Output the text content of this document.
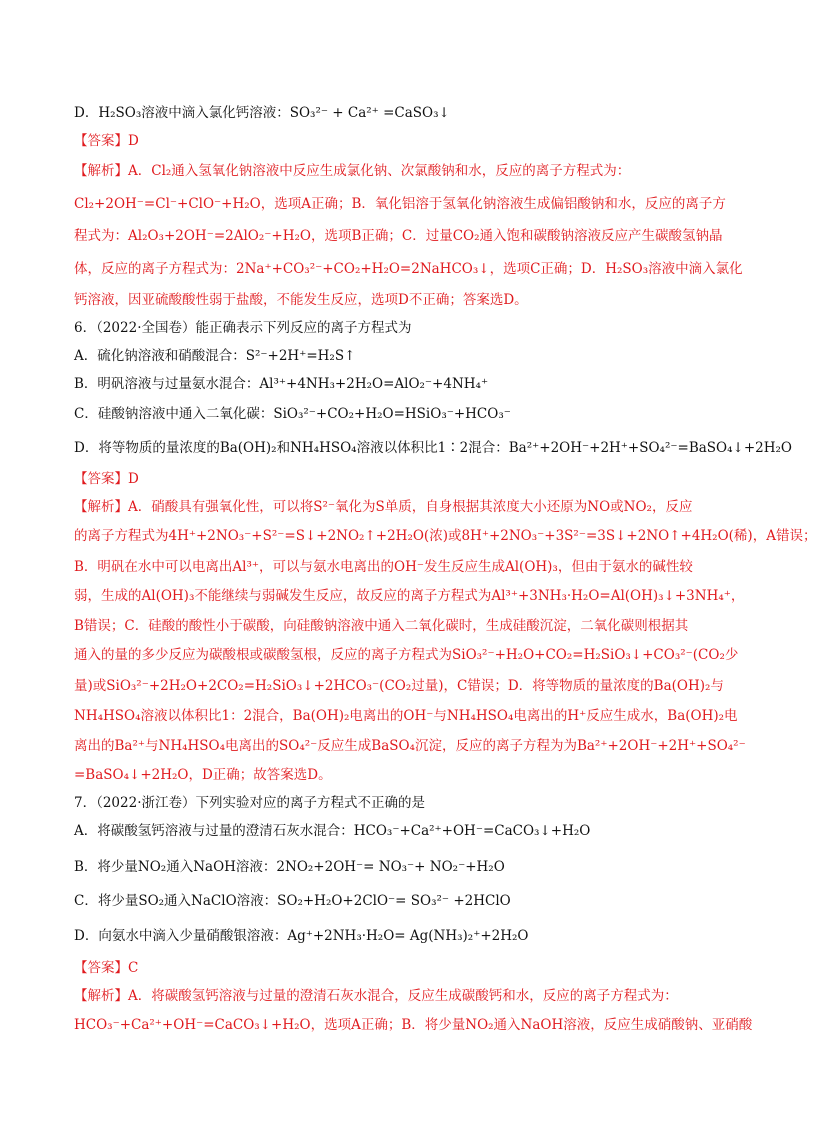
D．H₂SO₃溶液中滴入氯化钙溶液：SO₃²⁻ + Ca²⁺ =CaSO₃↓
【答案】D
【解析】A．Cl₂通入氢氧化钠溶液中反应生成氯化钠、次氯酸钠和水，反应的离子方程式为：
Cl₂+2OH⁻=Cl⁻+ClO⁻+H₂O，选项A正确；B．氧化铝溶于氢氧化钠溶液生成偏铝酸钠和水，反应的离子方
程式为：Al₂O₃+2OH⁻=2AlO₂⁻+H₂O，选项B正确；C．过量CO₂通入饱和碳酸钠溶液反应产生碳酸氢钠晶
体，反应的离子方程式为：2Na⁺+CO₃²⁻+CO₂+H₂O=2NaHCO₃↓，选项C正确；D．H₂SO₃溶液中滴入氯化
钙溶液，因亚硫酸酸性弱于盐酸，不能发生反应，选项D不正确；答案选D。
6．（2022·全国卷）能正确表示下列反应的离子方程式为
A．硫化钠溶液和硝酸混合：S²⁻+2H⁺=H₂S↑
B．明矾溶液与过量氨水混合：Al³⁺+4NH₃+2H₂O=AlO₂⁻+4NH₄⁺
C．硅酸钠溶液中通入二氧化碳：SiO₃²⁻+CO₂+H₂O=HSiO₃⁻+HCO₃⁻
D．将等物质的量浓度的Ba(OH)₂和NH₄HSO₄溶液以体积比1∶2混合：Ba²⁺+2OH⁻+2H⁺+SO₄²⁻=BaSO₄↓+2H₂O
【答案】D
【解析】A．硝酸具有强氧化性，可以将S²⁻氧化为S单质，自身根据其浓度大小还原为NO或NO₂，反应
的离子方程式为4H⁺+2NO₃⁻+S²⁻=S↓+2NO₂↑+2H₂O(浓)或8H⁺+2NO₃⁻+3S²⁻=3S↓+2NO↑+4H₂O(稀)，A错误；
B．明矾在水中可以电离出Al³⁺，可以与氨水电离出的OH⁻发生反应生成Al(OH)₃，但由于氨水的碱性较
弱，生成的Al(OH)₃不能继续与弱碱发生反应，故反应的离子方程式为Al³⁺+3NH₃·H₂O=Al(OH)₃↓+3NH₄⁺，
B错误；C．硅酸的酸性小于碳酸，向硅酸钠溶液中通入二氧化碳时，生成硅酸沉淀，二氧化碳则根据其
通入的量的多少反应为碳酸根或碳酸氢根，反应的离子方程式为SiO₃²⁻+H₂O+CO₂=H₂SiO₃↓+CO₃²⁻(CO₂少
量)或SiO₃²⁻+2H₂O+2CO₂=H₂SiO₃↓+2HCO₃⁻(CO₂过量)，C错误；D．将等物质的量浓度的Ba(OH)₂与
NH₄HSO₄溶液以体积比1：2混合，Ba(OH)₂电离出的OH⁻与NH₄HSO₄电离出的H⁺反应生成水，Ba(OH)₂电
离出的Ba²⁺与NH₄HSO₄电离出的SO₄²⁻反应生成BaSO₄沉淀，反应的离子方程为为Ba²⁺+2OH⁻+2H⁺+SO₄²⁻
=BaSO₄↓+2H₂O，D正确；故答案选D。
7．（2022·浙江卷）下列实验对应的离子方程式不正确的是
A．将碳酸氢钙溶液与过量的澄清石灰水混合：HCO₃⁻+Ca²⁺+OH⁻=CaCO₃↓+H₂O
B．将少量NO₂通入NaOH溶液：2NO₂+2OH⁻= NO₃⁻+ NO₂⁻+H₂O
C．将少量SO₂通入NaClO溶液：SO₂+H₂O+2ClO⁻= SO₃²⁻ +2HClO
D．向氨水中滴入少量硝酸银溶液：Ag⁺+2NH₃·H₂O= Ag(NH₃)₂⁺+2H₂O
【答案】C
【解析】A．将碳酸氢钙溶液与过量的澄清石灰水混合，反应生成碳酸钙和水，反应的离子方程式为：
HCO₃⁻+Ca²⁺+OH⁻=CaCO₃↓+H₂O，选项A正确；B．将少量NO₂通入NaOH溶液，反应生成硝酸钠、亚硝酸
